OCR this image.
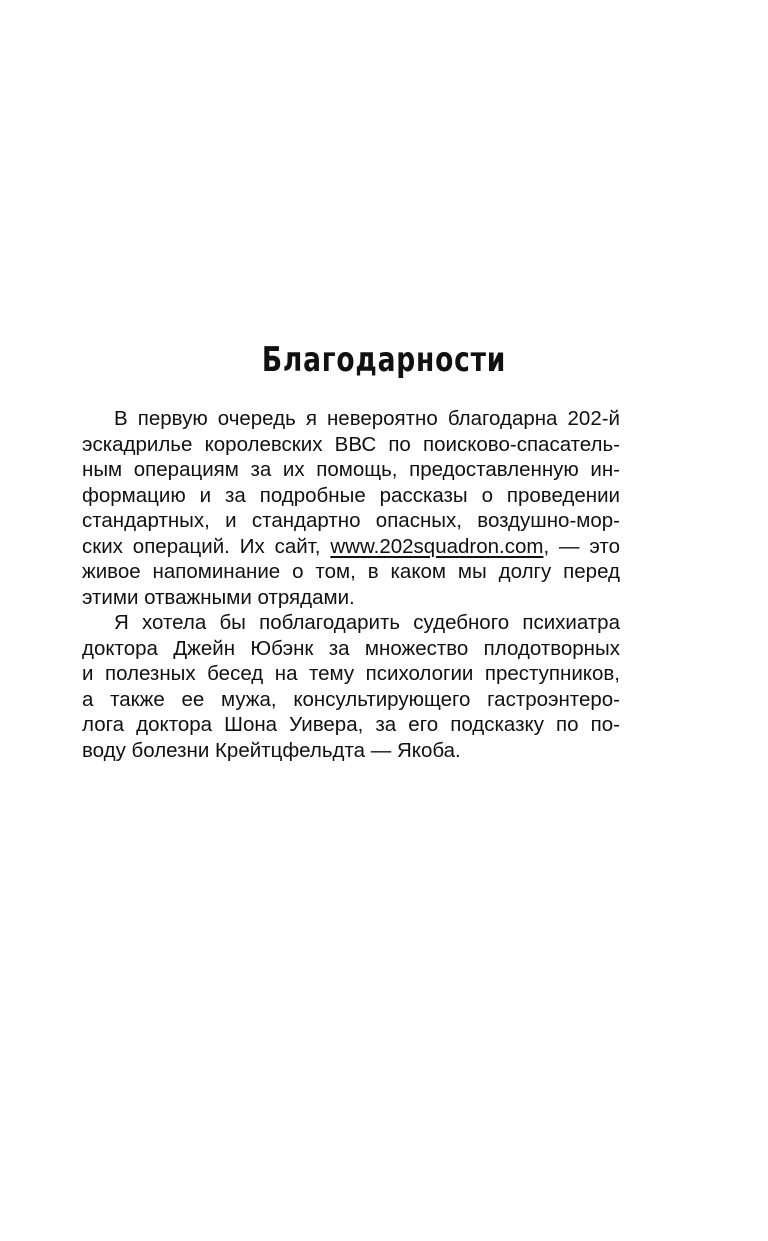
Благодарности
В первую очередь я невероятно благодарна 202-й
эскадрилье королевских ВВС по поисково-спасатель-
ным операциям за их помощь, предоставленную ин-
формацию и за подробные рассказы о проведении
стандартных, и стандартно опасных, воздушно-мор-
ских операций. Их сайт, www.202squadron.com, — это
живое напоминание о том, в каком мы долгу перед
этими отважными отрядами.
Я хотела бы поблагодарить судебного психиатра
доктора Джейн Юбэнк за множество плодотворных
и полезных бесед на тему психологии преступников,
а также ее мужа, консультирующего гастроэнтеро-
лога доктора Шона Уивера, за его подсказку по по-
воду болезни Крейтцфельдта — Якоба.
